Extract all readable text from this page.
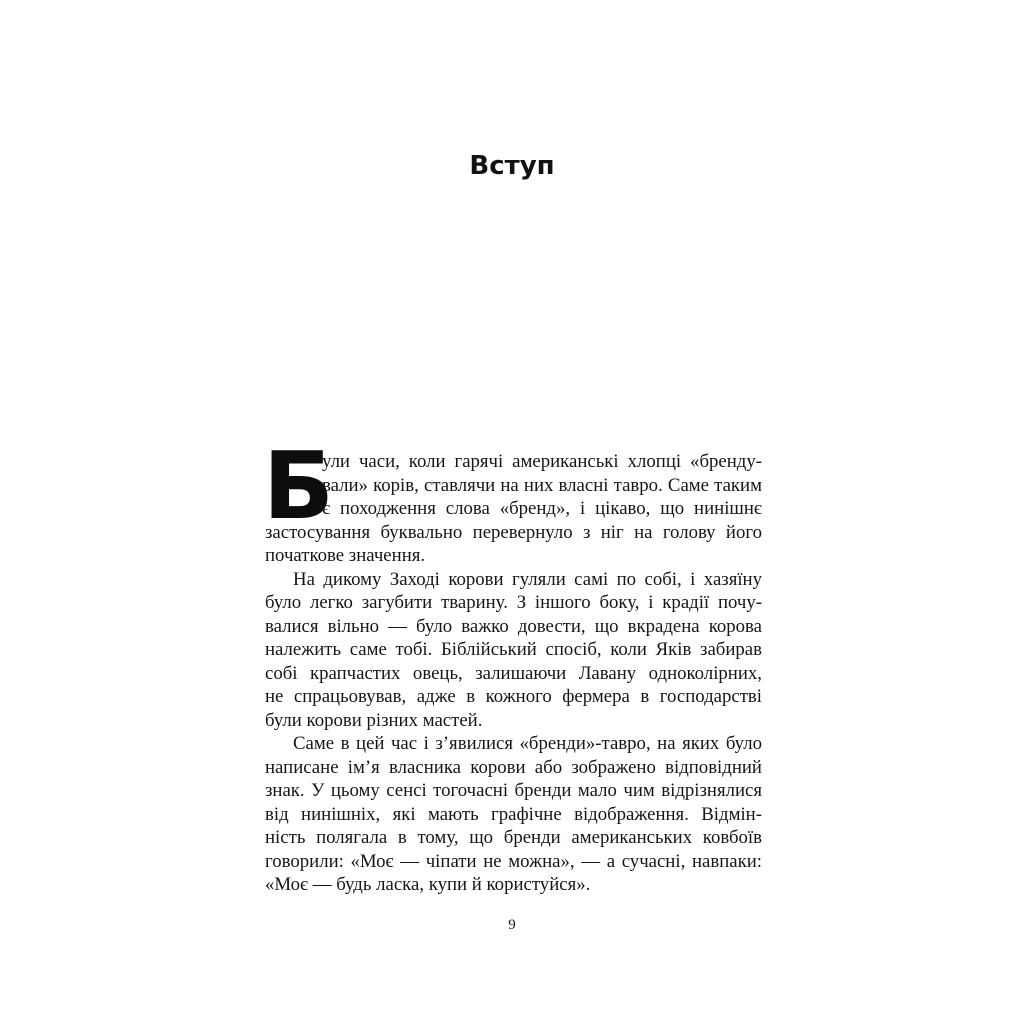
Вступ
Б
ули часи, коли гарячі американські хлопці «бренду-
вали» корів, ставлячи на них власні тавро. Саме таким
є походження слова «бренд», і цікаво, що нинішнє
застосування буквально перевернуло з ніг на голову його
початкове значення.
На дикому Заході корови гуляли самі по собі, і хазяїну
було легко загубити тварину. З іншого боку, і крадії почу-
валися вільно — було важко довести, що вкрадена корова
належить саме тобі. Біблійський спосіб, коли Яків забирав
собі крапчастих овець, залишаючи Лавану одноколірних,
не спрацьовував, адже в кожного фермера в господарстві
були корови різних мастей.
Саме в цей час і з’явилися «бренди»-тавро, на яких було
написане ім’я власника корови або зображено відповідний
знак. У цьому сенсі тогочасні бренди мало чим відрізнялися
від нинішніх, які мають графічне відображення. Відмін-
ність полягала в тому, що бренди американських ковбоїв
говорили: «Моє — чіпати не можна», — а сучасні, навпаки:
«Моє — будь ласка, купи й користуйся».
9
